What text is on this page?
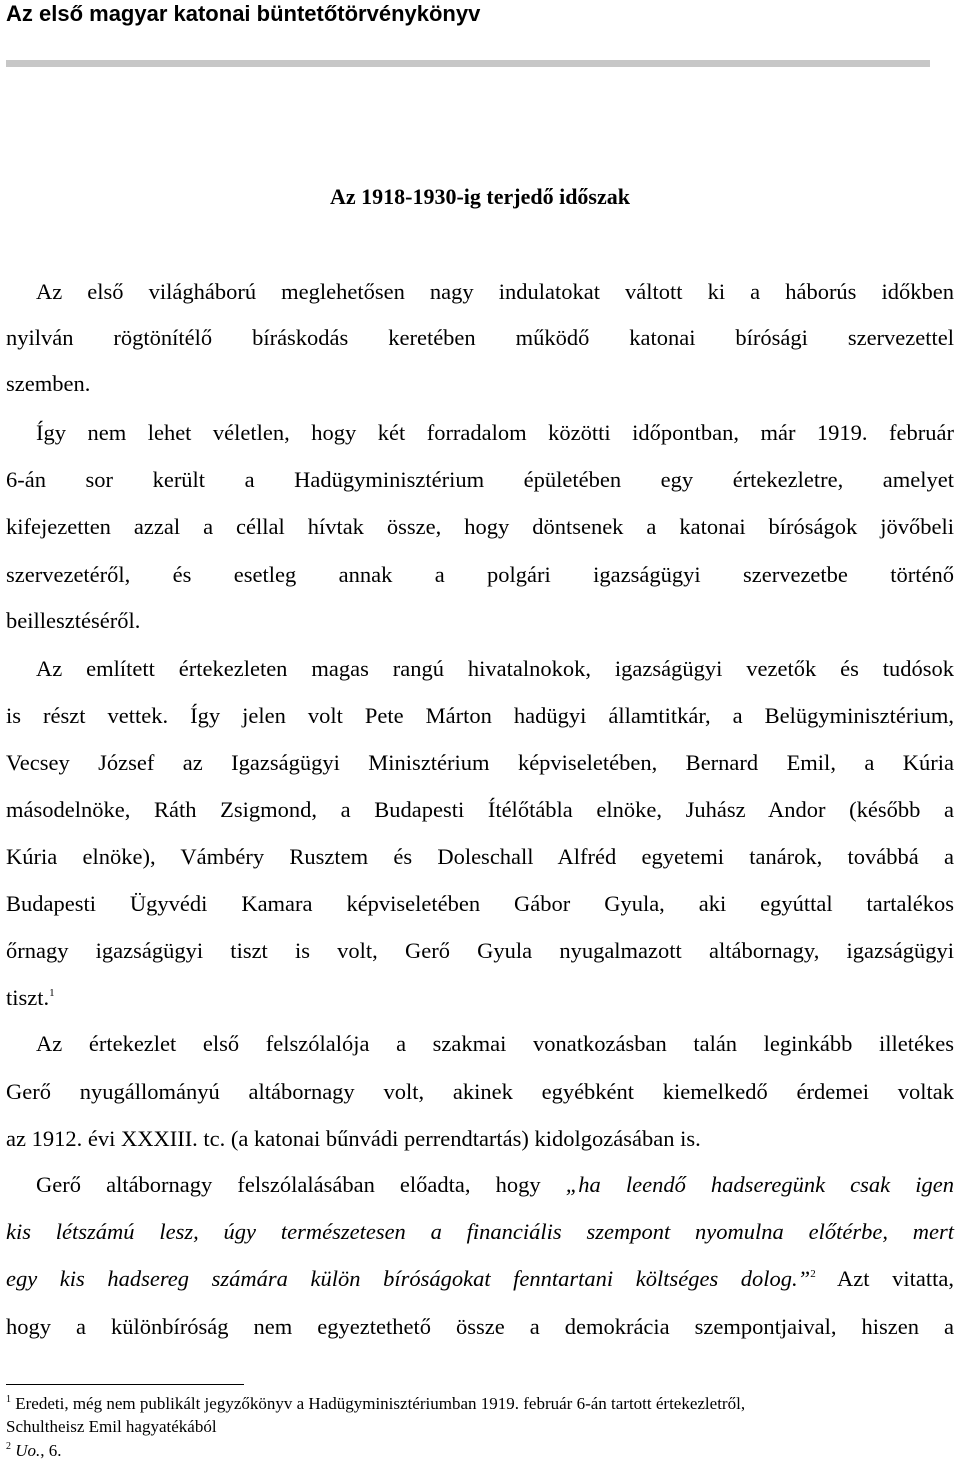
Az első magyar katonai büntetőtörvénykönyv
Az 1918-1930-ig terjedő időszak
Az első világháború meglehetősen nagy indulatokat váltott ki a háborús időkben
nyilván rögtönítélő bíráskodás keretében működő katonai bírósági szervezettel
szemben.
Így nem lehet véletlen, hogy két forradalom közötti időpontban, már 1919. február
6-án sor került a Hadügyminisztérium épületében egy értekezletre, amelyet
kifejezetten azzal a céllal hívtak össze, hogy döntsenek a katonai bíróságok jövőbeli
szervezetéről, és esetleg annak a polgári igazságügyi szervezetbe történő
beillesztéséről.
Az említett értekezleten magas rangú hivatalnokok, igazságügyi vezetők és tudósok
is részt vettek. Így jelen volt Pete Márton hadügyi államtitkár, a Belügyminisztérium,
Vecsey József az Igazságügyi Minisztérium képviseletében, Bernard Emil, a Kúria
másodelnöke, Ráth Zsigmond, a Budapesti Ítélőtábla elnöke, Juhász Andor (később a
Kúria elnöke), Vámbéry Rusztem és Doleschall Alfréd egyetemi tanárok, továbbá a
Budapesti Ügyvédi Kamara képviseletében Gábor Gyula, aki egyúttal tartalékos
őrnagy igazságügyi tiszt is volt, Gerő Gyula nyugalmazott altábornagy, igazságügyi
tiszt.$^1$
Az értekezlet első felszólalója a szakmai vonatkozásban talán leginkább illetékes
Gerő nyugállományú altábornagy volt, akinek egyébként kiemelkedő érdemei voltak
az 1912. évi XXXIII. tc. (a katonai bűnvádi perrendtartás) kidolgozásában is.
Gerő altábornagy felszólalásában előadta, hogy „ha leendő hadseregünk csak igen
kis létszámú lesz, úgy természetesen a financiális szempont nyomulna előtérbe, mert
egy kis hadsereg számára külön bíróságokat fenntartani költséges dolog.”$^2$ Azt vitatta,
hogy a különbíróság nem egyeztethető össze a demokrácia szempontjaival, hiszen a
$^1$ Eredeti, még nem publikált jegyzőkönyv a Hadügyminisztériumban 1919. február 6-án tartott értekezletről,
Schultheisz Emil hagyatékából
$^2$ Uo., 6.
